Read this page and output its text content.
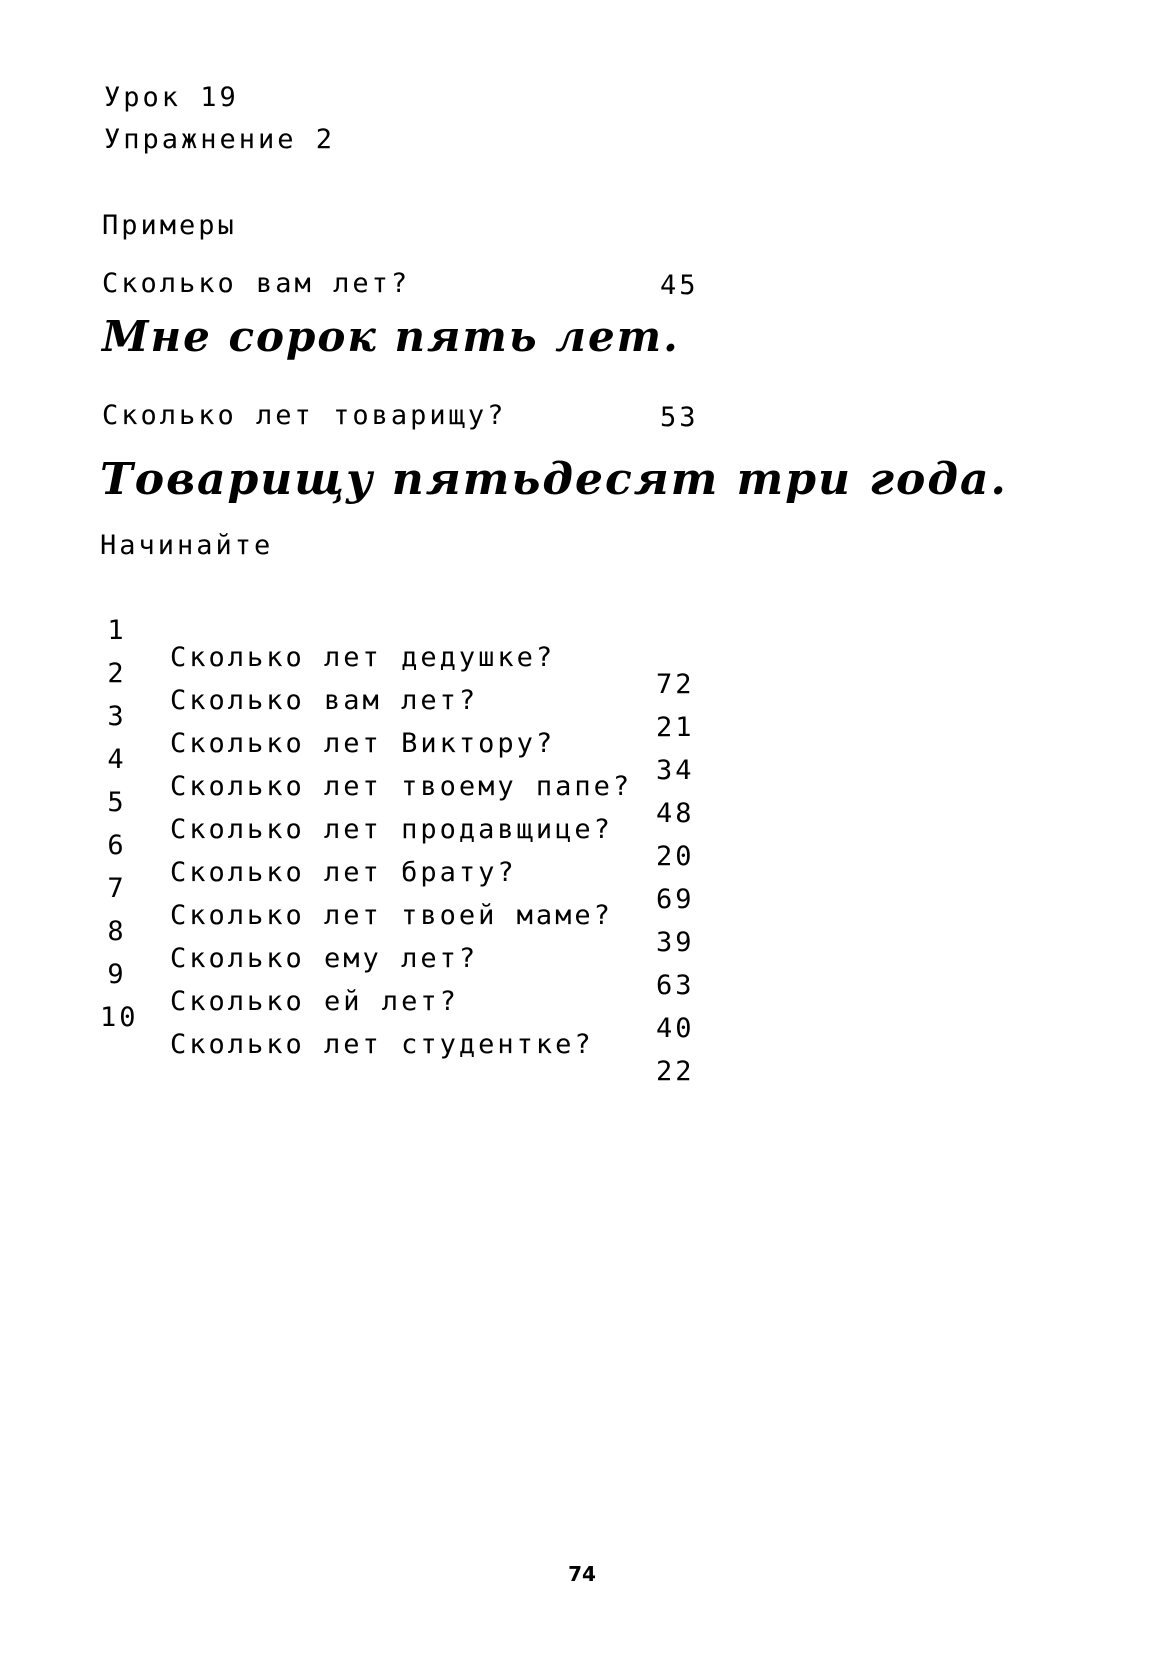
Урок 19
Упражнение 2
Примеры
Сколько вам лет?	45
Мне сорок пять лет.
Сколько лет товарищу?	53
Товарищу пятьдесят три года.
Начинайте

1

Сколько лет дедушке?

72

2

Сколько вам лет?

21

3

Сколько лет Виктору?

34

4

Сколько лет твоему папе?

48

5

Сколько лет продавщице?

20

6

Сколько лет брату?

69

7

Сколько лет твоей маме?

39

8

Сколько ему лет?

63

9

Сколько ей лет?

40

10

Сколько лет студентке?

22

74
